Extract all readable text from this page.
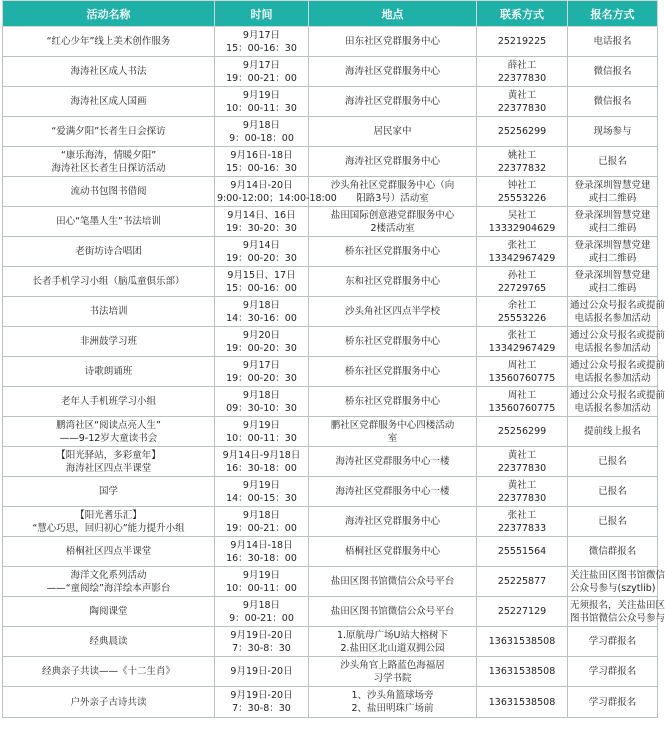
活动名称	时间	地点	联系方式	报名方式

“红心少年”线上美术创作服务	9月17日
15：00-16：30	田东社区党群服务中心	25219225	电话报名

海涛社区成人书法	9月17日
19：00-21：00	海涛社区党群服务中心	薛社工
22377830	微信报名

海涛社区成人国画	9月19日
10：00-11：30	海涛社区党群服务中心	黄社工
22377830	微信报名

“爱满夕阳”长者生日会探访	9月18日
9：00-18：00	居民家中	25256299	现场参与

“康乐海涛，情暖夕阳”
海涛社区长者生日探访活动	9月16日-18日
15：00-16：30	海涛社区党群服务中心	姚社工
22377832	已报名

流动书包图书借阅	9月14日-20日
9:00-12:00；14:00-18:00	沙头角社区党群服务中心（向
阳路3号）活动室	钟社工
25553226	登录深圳智慧党建
或扫二维码

田心“笔墨人生”书法培训	9月14日、16日
19：30-20：30	盐田国际创意港党群服务中心
2楼活动室	吴社工
13332904629	登录深圳智慧党建
或扫二维码

老街坊诗合唱团	9月14日
19：00-20：30	桥东社区党群服务中心	张社工
13342967429	登录深圳智慧党建
或扫二维码

长者手机学习小组（脑瓜童俱乐部）	9月15日、17日
15：00-16：00	东和社区党群服务中心	孙社工
22729765	登录深圳智慧党建
或扫二维码

书法培训	9月18日
14：30-16：00	沙头角社区四点半学校	余社工
25553226	通过公众号报名或提前
电话报名参加活动

非洲鼓学习班	9月20日
19：00-20：30	桥东社区党群服务中心	张社工
13342967429	通过公众号报名或提前
电话报名参加活动

诗歌朗诵班	9月17日
19：00-20：30	桥东社区党群服务中心	周社工
13560760775	通过公众号报名或提前
电话报名参加活动

老年人手机班学习小组	9月18日
09：30-10：30	桥东社区党群服务中心	周社工
13560760775	通过公众号报名或提前
电话报名参加活动

鹏湾社区“阅读点亮人生”
——9-12岁大童读书会	9月19日
10：00-11：30	鹏社区党群服务中心四楼活动
室	25256299	提前线上报名

【阳光驿站，多彩童年】
海涛社区四点半课堂	9月14日-9月18日
16：30-18：00	海涛社区党群服务中心一楼	黄社工
22377830	已报名

国学	9月19日
14：00-15：30	海涛社区党群服务中心一楼	黄社工
22377830	已报名

【阳光耆乐汇】
“慧心巧思，回归初心”能力提升小组	9月18日
19：00-21：00	海涛社区党群服务中心	张社工
22377833	已报名

梧桐社区四点半课堂	9月14日-18日
16：30-18：00	梧桐社区党群服务中心	25551564	微信群报名

海洋文化系列活动
——“童阅绘”海洋绘本声影台	9月19日
10：00-11：00	盐田区图书馆微信公众号平台	25225877	关注盐田区图书馆微信
公众号参与(szytlib)

陶阅课堂	9月18日
9：00-21：00	盐田区图书馆微信公众号平台	25227129	无须报名，关注盐田区
图书馆微信公众号参与

经典晨读	9月19日-20日
7：30-8：30	1.原航母广场U站大榕树下
2.盐田区北山道双拥公园	13631538508	学习群报名

经典亲子共读——《十二生肖》	9月19日-20日	沙头角官上路蓝色海福居
习学书院	13631538508	学习群报名

户外亲子古诗共读	9月19日-20日
7：30-8：30	1、沙头角篮球场旁
2、盐田明珠广场前	13631538508	学习群报名
